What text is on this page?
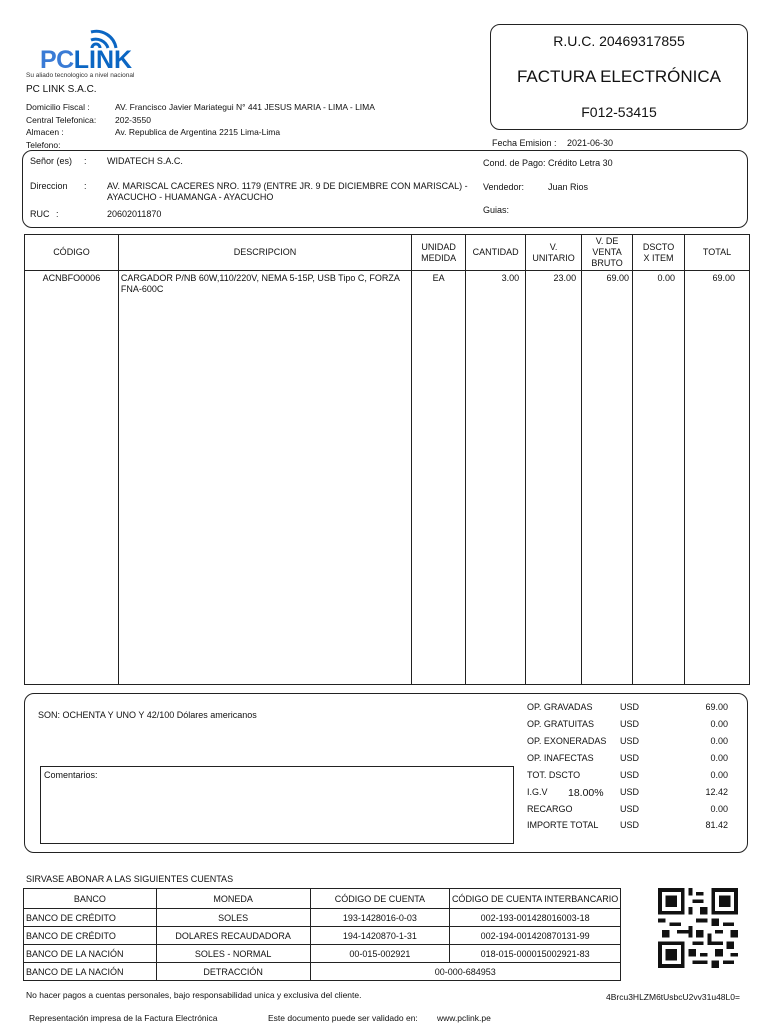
PCLINK
Su aliado tecnologico a nivel nacional
PC LINK S.A.C.
Domicilio Fiscal :	AV. Francisco Javier Mariategui N° 441 JESUS MARIA - LIMA - LIMA
Central Telefonica: 202-3550
Almacen :	Av. Republica de Argentina 2215 Lima-Lima
Telefono:
R.U.C. 20469317855
FACTURA ELECTRÓNICA
F012-53415
Fecha Emision : 2021-06-30
Señor (es) : WIDATECH S.A.C.
Direccion : AV. MARISCAL CACERES NRO. 1179 (ENTRE JR. 9 DE DICIEMBRE CON MARISCAL) -
AYACUCHO - HUAMANGA - AYACUCHO
RUC :	20602011870
Cond. de Pago: Crédito Letra 30
Vendedor:	Juan Rios
Guias:
CÓDIGO	DESCRIPCION	UNIDAD MEDIDA	CANTIDAD	V. UNITARIO	V. DE VENTA BRUTO	DSCTO X ITEM	TOTAL
ACNBFO0006	CARGADOR P/NB 60W,110/220V, NEMA 5-15P, USB Tipo C, FORZA FNA-600C	EA	3.00	23.00	69.00	0.00	69.00
SON: OCHENTA Y UNO Y 42/100 Dólares americanos
Comentarios:
OP. GRAVADAS	USD	69.00
OP. GRATUITAS	USD	0.00
OP. EXONERADAS USD	0.00
OP. INAFECTAS	USD	0.00
TOT. DSCTO	USD	0.00
I.G.V 18.00% USD	12.42
RECARGO	USD	0.00
IMPORTE TOTAL USD	81.42
SIRVASE ABONAR A LAS SIGUIENTES CUENTAS
BANCO	MONEDA	CÓDIGO DE CUENTA	CÓDIGO DE CUENTA INTERBANCARIO
BANCO DE CRÉDITO	SOLES	193-1428016-0-03	002-193-001428016003-18
BANCO DE CRÉDITO	DOLARES RECAUDADORA	194-1420870-1-31	002-194-001420870131-99
BANCO DE LA NACIÓN	SOLES - NORMAL	00-015-002921	018-015-000015002921-83
BANCO DE LA NACIÓN	DETRACCIÓN	00-000-684953	
4Brcu3HLZM6tUsbcU2vv31u48L0=
No hacer pagos a cuentas personales, bajo responsabilidad unica y exclusiva del cliente.
Representación impresa de la Factura Electrónica	Este documento puede ser validado en: www.pclink.pe
